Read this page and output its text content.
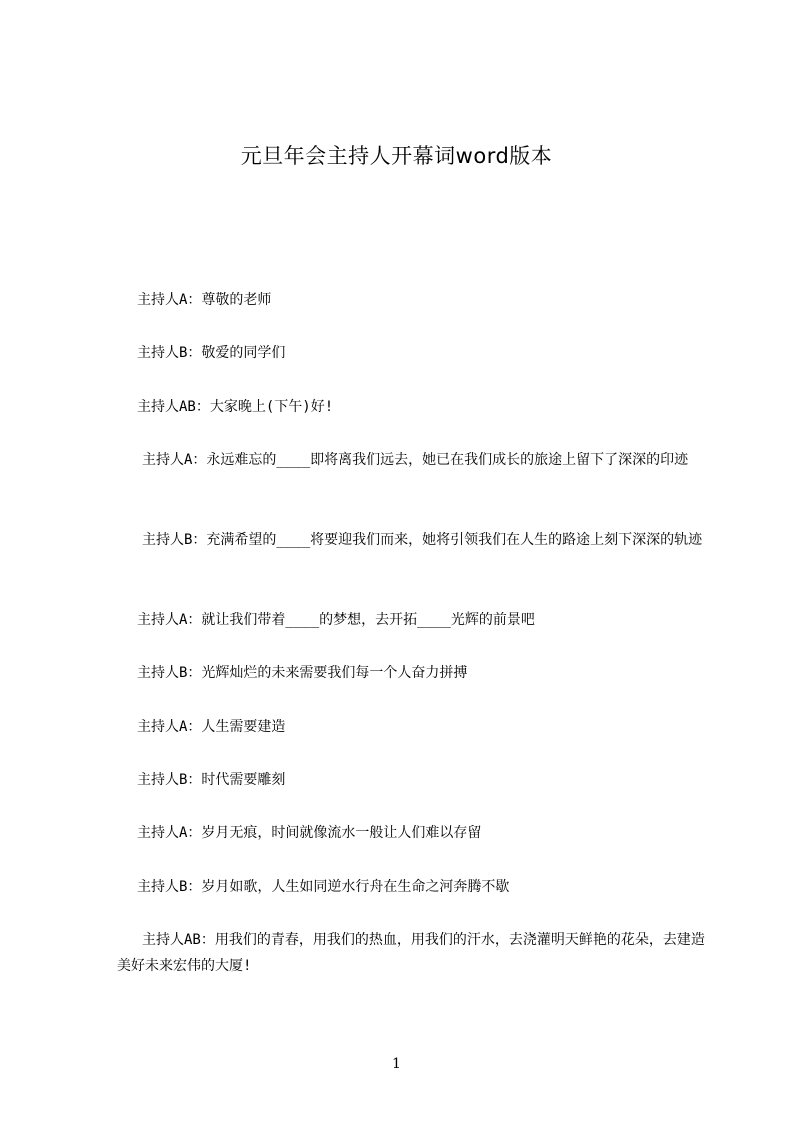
元旦年会主持人开幕词word版本
主持人A：尊敬的老师
主持人B：敬爱的同学们
主持人AB：大家晚上(下午)好!
主持人A：永远难忘的____即将离我们远去，她已在我们成长的旅途上留下了深深的印迹
主持人B：充满希望的____将要迎我们而来，她将引领我们在人生的路途上刻下深深的轨迹
主持人A：就让我们带着____的梦想，去开拓____光辉的前景吧
主持人B：光辉灿烂的未来需要我们每一个人奋力拼搏
主持人A：人生需要建造
主持人B：时代需要雕刻
主持人A：岁月无痕，时间就像流水一般让人们难以存留
主持人B：岁月如歌，人生如同逆水行舟在生命之河奔腾不歇
主持人AB：用我们的青春，用我们的热血，用我们的汗水，去浇灌明天鲜艳的花朵，去建造美好未来宏伟的大厦!
1
